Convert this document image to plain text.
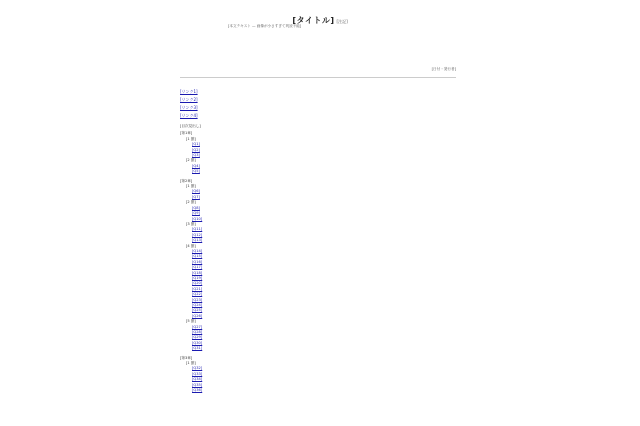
[タイトル] [注記]

[本文テキスト — 画像が小さすぎて判読不能]

[日付・発行者]
[リンク1]
[リンク2]
[リンク3]
[リンク4]
[目次見出し]
[第1章]
[1 節]
[Q1]
[Q2]
[Q3]
[2 節]
[Q4]
[Q5]
[第2章]
[1 節]
[Q6]
[Q7]
[2 節]
[Q8]
[Q9]
[Q10]
[3 節]
[Q11]
[Q12]
[Q13]
[4 節]
[Q14]
[Q15]
[Q16]
[Q17]
[Q18]
[Q19]
[Q20]
[Q21]
[Q22]
[Q23]
[Q24]
[Q25]
[Q26]
[5 節]
[Q27]
[Q28]
[Q29]
[Q30]
[Q31]
[第3章]
[1 節]
[Q32]
[Q33]
[Q34]
[Q35]
[Q36]
